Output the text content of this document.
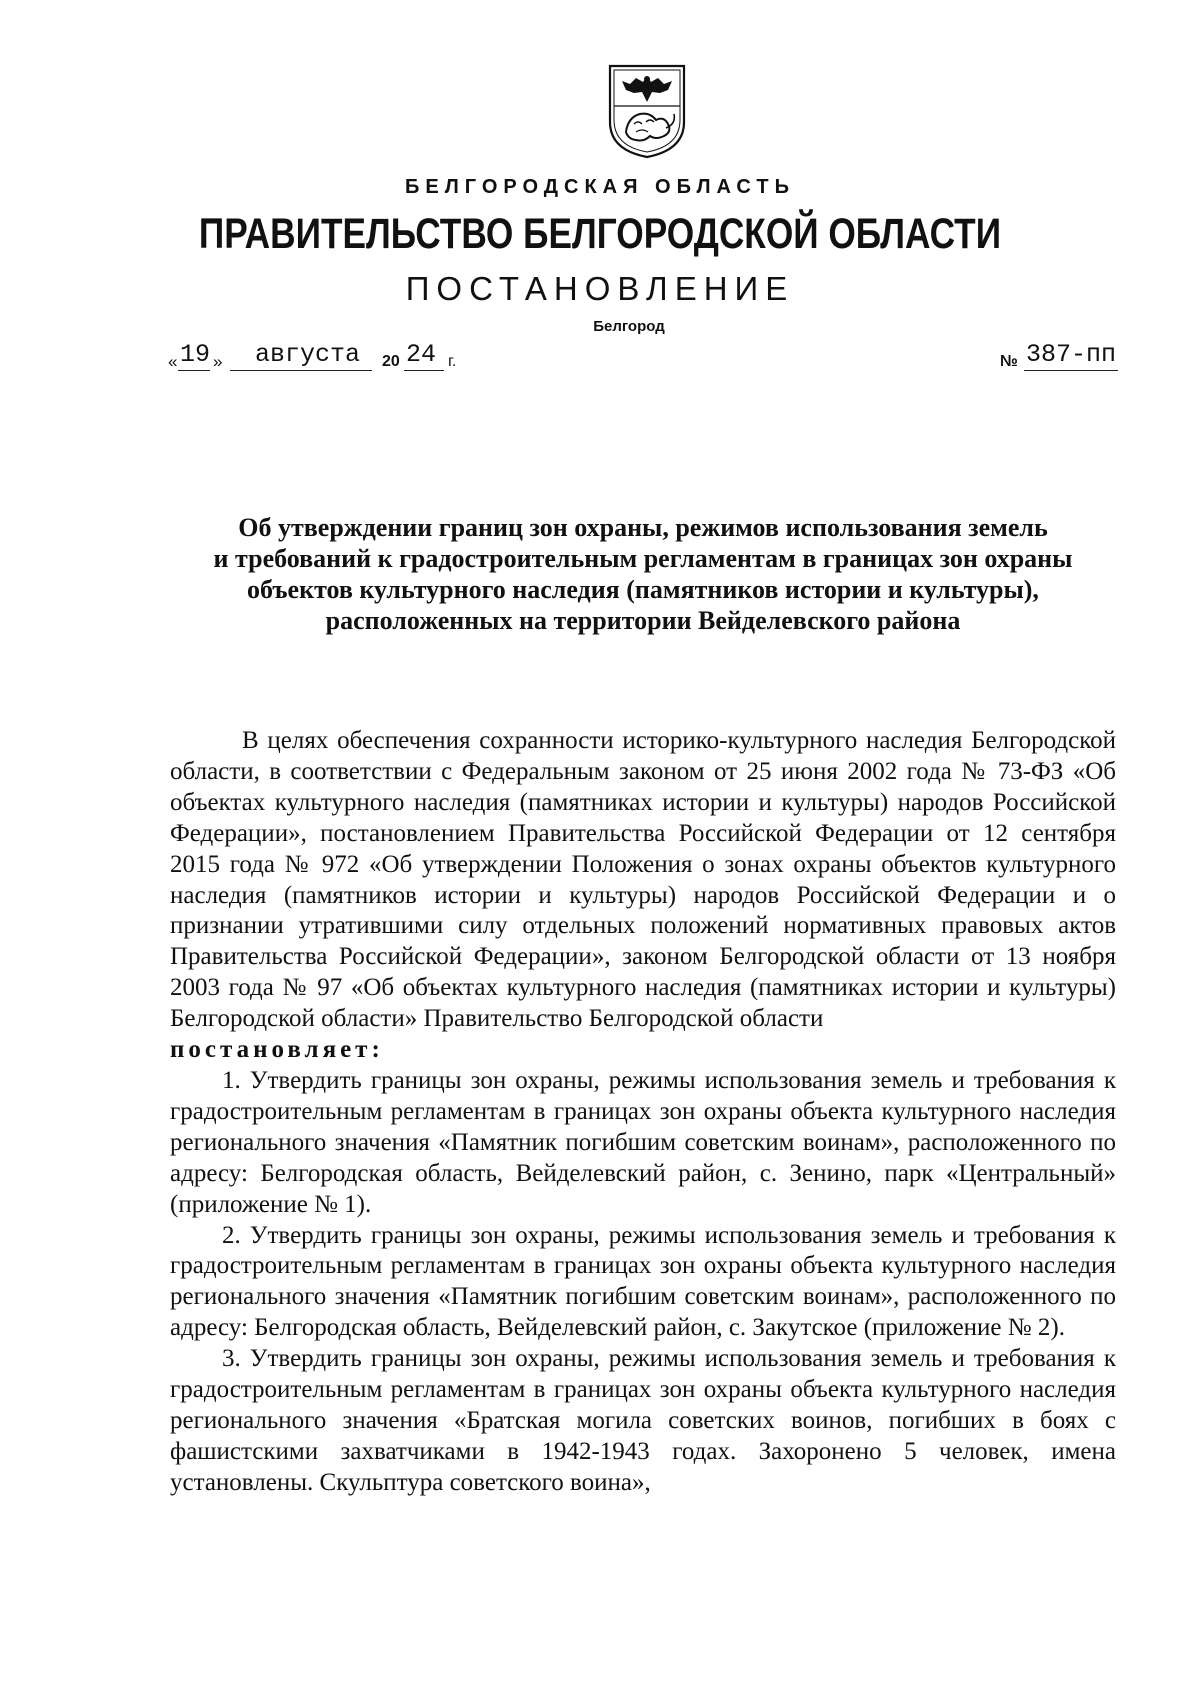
БЕЛГОРОДСКАЯ ОБЛАСТЬ
ПРАВИТЕЛЬСТВО БЕЛГОРОДСКОЙ ОБЛАСТИ
ПОСТАНОВЛЕНИЕ
Белгород
« 19 » августа 20 24 г.	№ 387-пп
Об утверждении границ зон охраны, режимов использования земель
и требований к градостроительным регламентам в границах зон охраны
объектов культурного наследия (памятников истории и культуры),
расположенных на территории Вейделевского района

В целях обеспечения сохранности историко-культурного наследия Белгородской области, в соответствии с Федеральным законом от 25 июня 2002 года № 73-ФЗ «Об объектах культурного наследия (памятниках истории и культуры) народов Российской Федерации», постановлением Правительства Российской Федерации от 12 сентября 2015 года № 972 «Об утверждении Положения о зонах охраны объектов культурного наследия (памятников истории и культуры) народов Российской Федерации и о признании утратившими силу отдельных положений нормативных правовых актов Правительства Российской Федерации», законом Белгородской области от 13 ноября 2003 года № 97 «Об объектах культурного наследия (памятниках истории и культуры) Белгородской области» Правительство Белгородской области
постановляет:

1. Утвердить границы зон охраны, режимы использования земель и требования к градостроительным регламентам в границах зон охраны объекта культурного наследия регионального значения «Памятник погибшим советским воинам», расположенного по адресу: Белгородская область, Вейделевский район, с. Зенино, парк «Центральный» (приложение № 1).

2. Утвердить границы зон охраны, режимы использования земель и требования к градостроительным регламентам в границах зон охраны объекта культурного наследия регионального значения «Памятник погибшим советским воинам», расположенного по адресу: Белгородская область, Вейделевский район, с. Закутское (приложение № 2).

3. Утвердить границы зон охраны, режимы использования земель и требования к градостроительным регламентам в границах зон охраны объекта культурного наследия регионального значения «Братская могила советских воинов, погибших в боях с фашистскими захватчиками в 1942-1943 годах. Захоронено 5 человек, имена установлены. Скульптура советского воина»,
